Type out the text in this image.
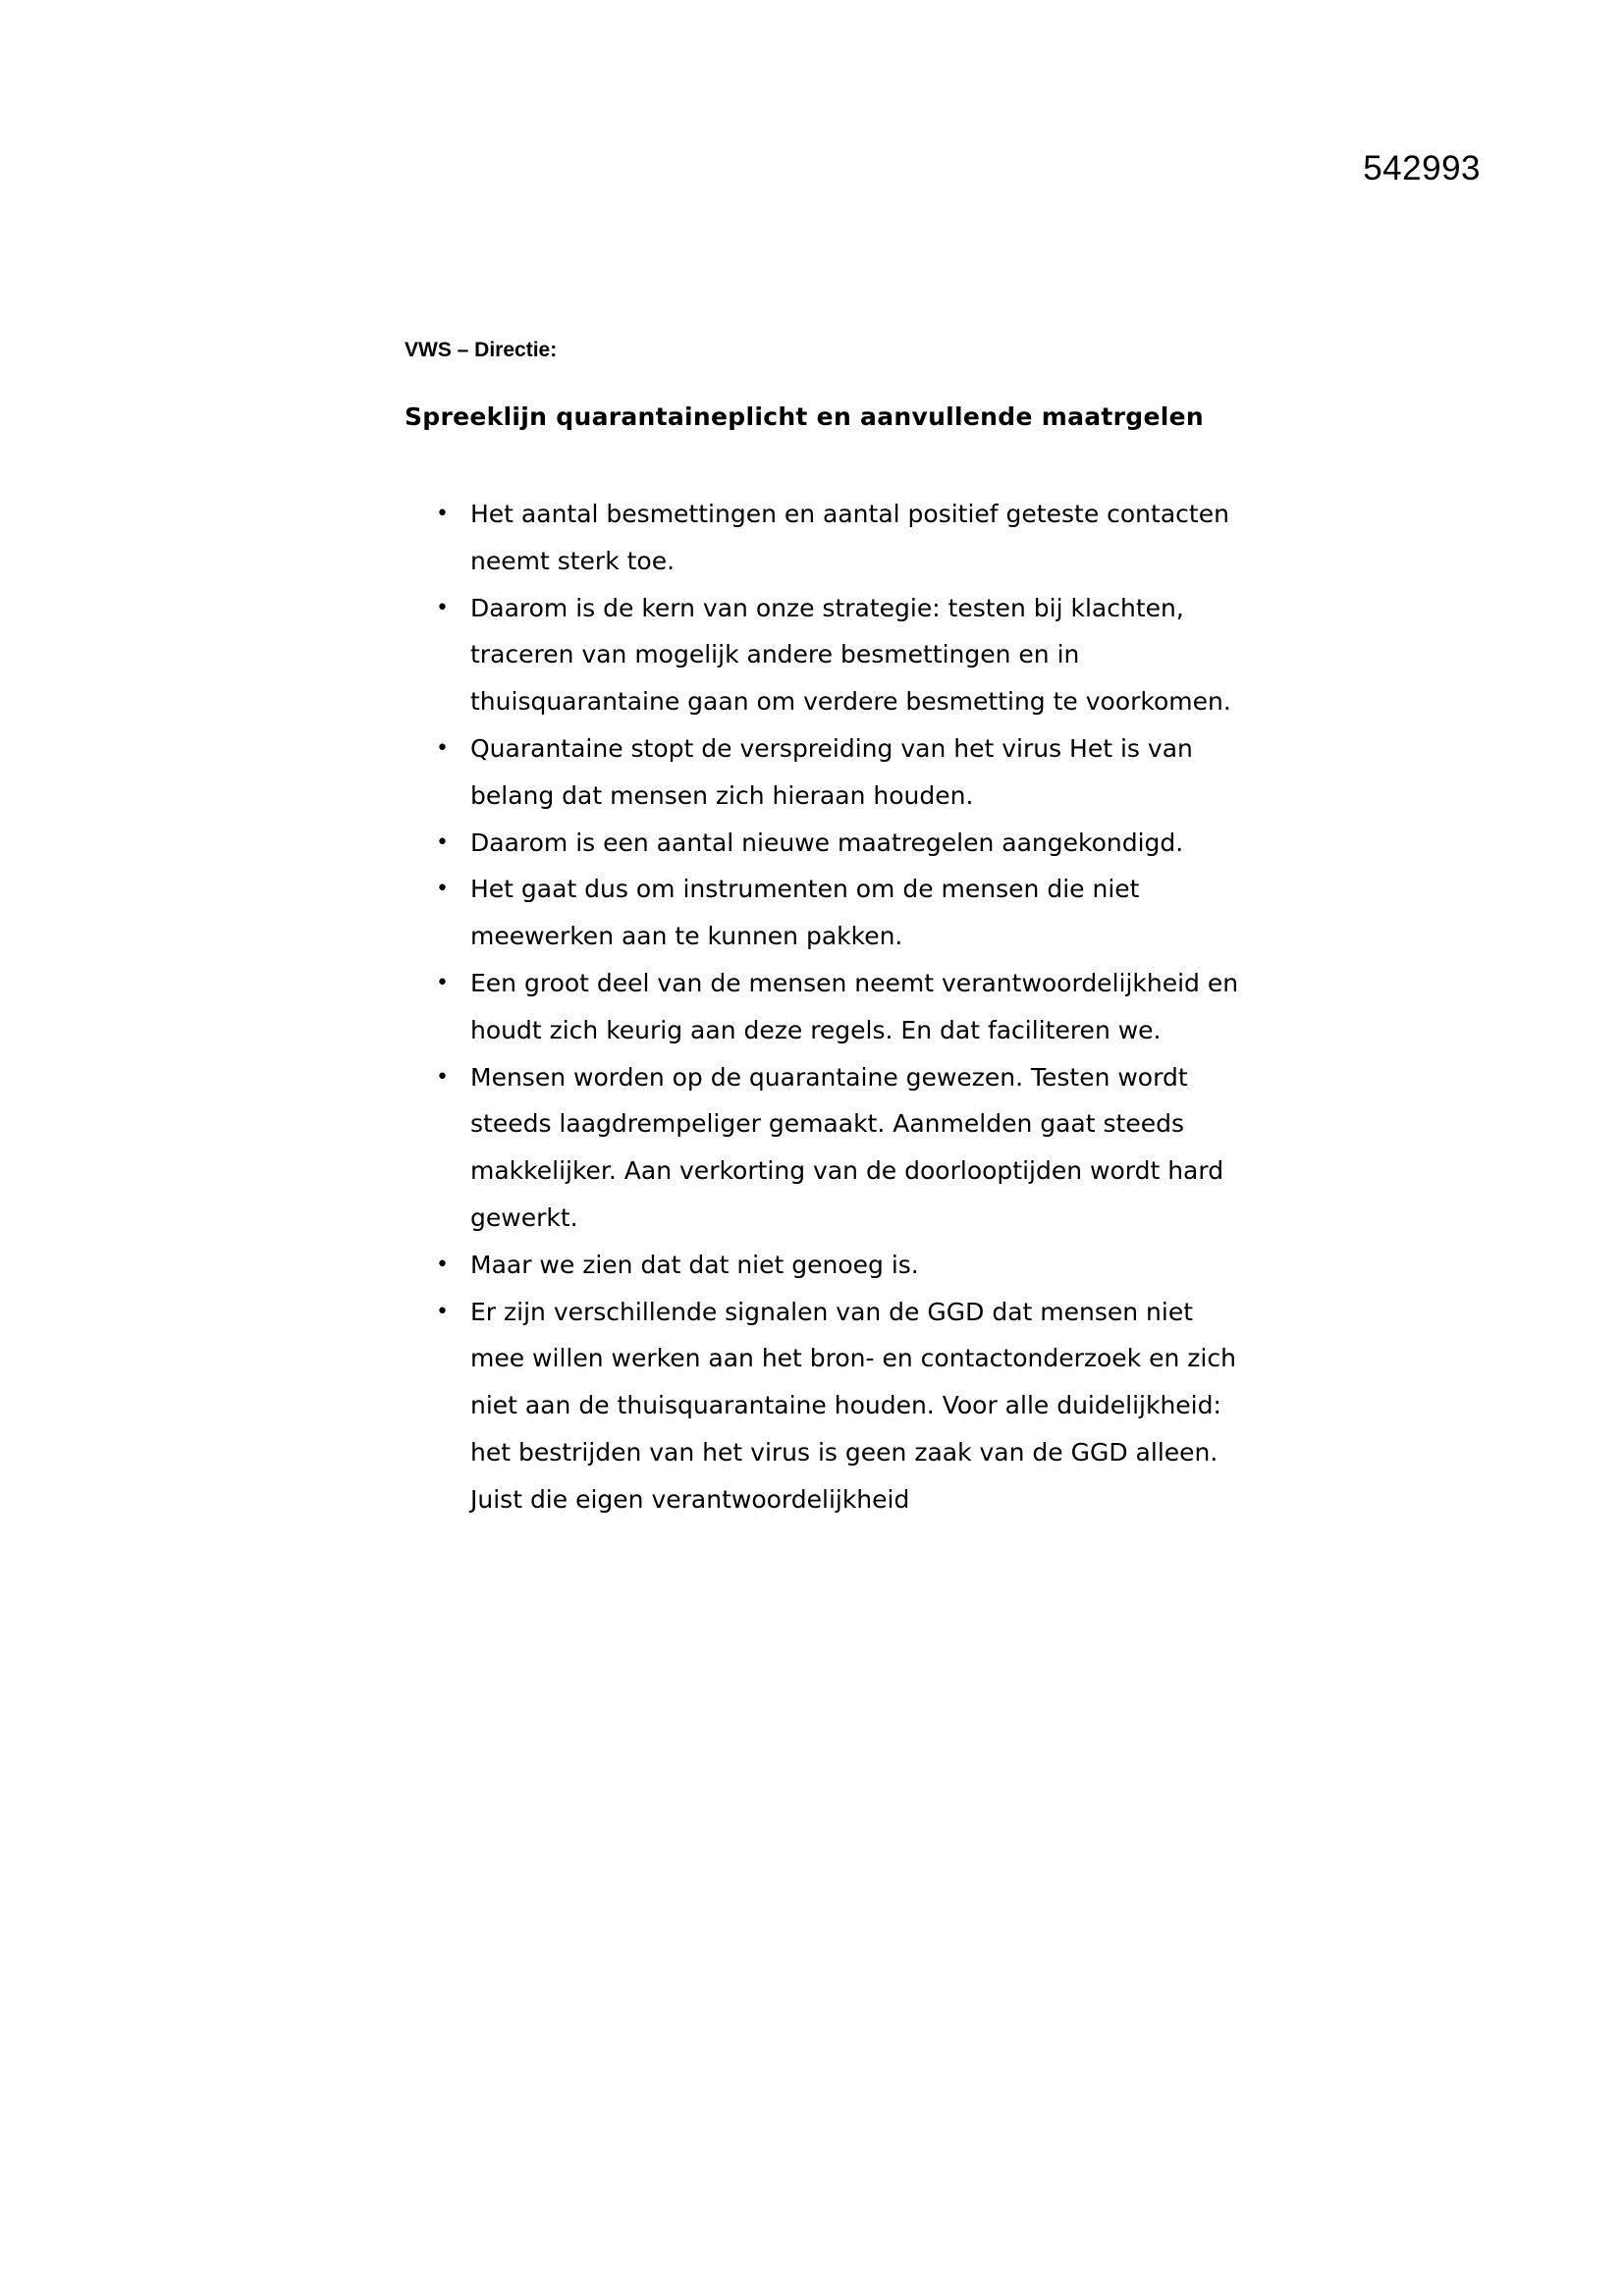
542993
VWS – Directie:
Spreeklijn quarantaineplicht en aanvullende maatrgelen
• Het aantal besmettingen en aantal positief geteste contacten neemt sterk toe.
• Daarom is de kern van onze strategie: testen bij klachten, traceren van mogelijk andere besmettingen en in thuisquarantaine gaan om verdere besmetting te voorkomen.
• Quarantaine stopt de verspreiding van het virus Het is van belang dat mensen zich hieraan houden.
• Daarom is een aantal nieuwe maatregelen aangekondigd.
• Het gaat dus om instrumenten om de mensen die niet meewerken aan te kunnen pakken.
• Een groot deel van de mensen neemt verantwoordelijkheid en houdt zich keurig aan deze regels. En dat faciliteren we.
• Mensen worden op de quarantaine gewezen. Testen wordt steeds laagdrempeliger gemaakt. Aanmelden gaat steeds makkelijker. Aan verkorting van de doorlooptijden wordt hard gewerkt.
• Maar we zien dat dat niet genoeg is.
• Er zijn verschillende signalen van de GGD dat mensen niet mee willen werken aan het bron- en contactonderzoek en zich niet aan de thuisquarantaine houden. Voor alle duidelijkheid: het bestrijden van het virus is geen zaak van de GGD alleen. Juist die eigen verantwoordelijkheid
